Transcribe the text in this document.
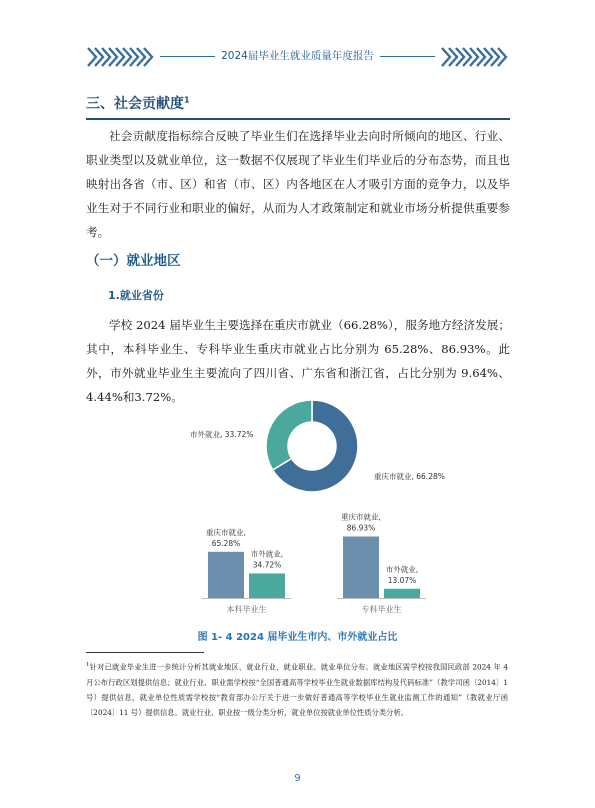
2024届毕业生就业质量年度报告
三、社会贡献度$^1$

社会贡献度指标综合反映了毕业生们在选择毕业去向时所倾向的地区、行业、职业类型以及就业单位，这一数据不仅展现了毕业生们毕业后的分布态势，而且也映射出各省（市、区）和省（市、区）内各地区在人才吸引方面的竞争力，以及毕业生对于不同行业和职业的偏好，从而为人才政策制定和就业市场分析提供重要参考。

（一）就业地区
1.就业省份

学校 2024 届毕业生主要选择在重庆市就业（66.28%），服务地方经济发展；其中，本科毕业生、专科毕业生重庆市就业占比分别为 65.28%、86.93%。此外，市外就业毕业生主要流向了四川省、广东省和浙江省，占比分别为 9.64%、4.44%和3.72%。

重庆市就业, 66.28%
市外就业, 33.72%
重庆市就业,
65.28%
市外就业,
34.72%
本科毕业生
重庆市就业,
86.93%
市外就业,
13.07%
专科毕业生
图 1- 4 2024 届毕业生市内、市外就业占比
$^1$针对已就业毕业生进一步统计分析其就业地区、就业行业、就业职业、就业单位分布。就业地区需学校按我国民政部 2024 年 4 月公布行政区划提供信息；就业行业、职业需学校按“全国普通高等学校毕业生就业数据库结构及代码标准”（教学司函〔2014〕1 号）提供信息，就业单位性质需学校按“教育部办公厅关于进一步做好普通高等学校毕业生就业监测工作的通知”（教就业厅函〔2024〕11 号）提供信息。就业行业、职业按一级分类分析，就业单位按就业单位性质分类分析。
9
